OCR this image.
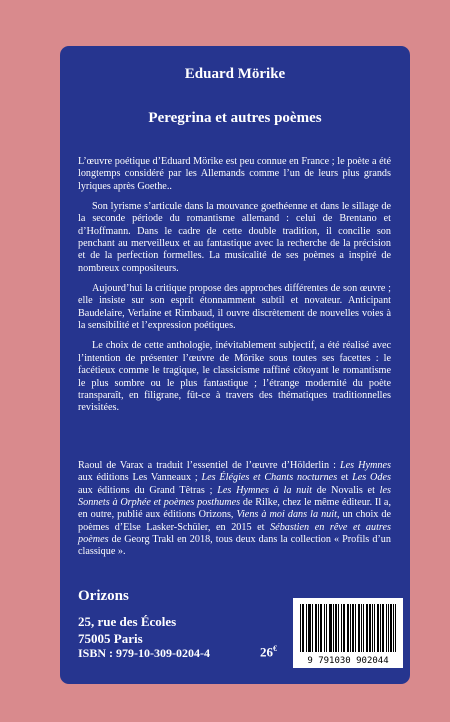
Eduard Mörike
Peregrina et autres poèmes

L’œuvre poétique d’Eduard Mörike est peu connue en France ; le poète a été longtemps considéré par les Allemands comme l’un de leurs plus grands lyriques après Goethe..

Son lyrisme s’articule dans la mouvance goethéenne et dans le sillage de la seconde période du romantisme allemand : celui de Brentano et d’Hoffmann. Dans le cadre de cette double tradition, il concilie son penchant au merveilleux et au fantastique avec la recherche de la précision et de la perfection formelles. La musicalité de ses poèmes a inspiré de nombreux compositeurs.

Aujourd’hui la critique propose des approches différentes de son œuvre ; elle insiste sur son esprit étonnamment subtil et novateur. Anticipant Baudelaire, Verlaine et Rimbaud, il ouvre discrètement de nouvelles voies à la sensibilité et l’expression poétiques.

Le choix de cette anthologie, inévitablement subjectif, a été réalisé avec l’intention de présenter l’œuvre de Mörike sous toutes ses facettes : le facétieux comme le tragique, le classicisme raffiné côtoyant le romantisme le plus sombre ou le plus fantastique ; l’étrange modernité du poète transparaît, en filigrane, fût-ce à travers des thématiques traditionnelles revisitées.

Raoul de Varax a traduit l’essentiel de l’œuvre d’Hölderlin : Les Hymnes aux éditions Les Vanneaux ; Les Élégies et Chants nocturnes et Les Odes aux éditions du Grand Têtras ; Les Hymnes à la nuit de Novalis et les Sonnets à Orphée et poèmes posthumes de Rilke, chez le même éditeur. Il a, en outre, publié aux éditions Orizons, Viens à moi dans la nuit, un choix de poèmes d’Else Lasker-Schüler, en 2015 et Sébastien en rêve et autres poèmes de Georg Trakl en 2018, tous deux dans la collection « Profils d’un classique ».
Orizons
25, rue des Écoles
75005 Paris
ISBN : 979-10-309-0204-4	26€
9 791030 902044
